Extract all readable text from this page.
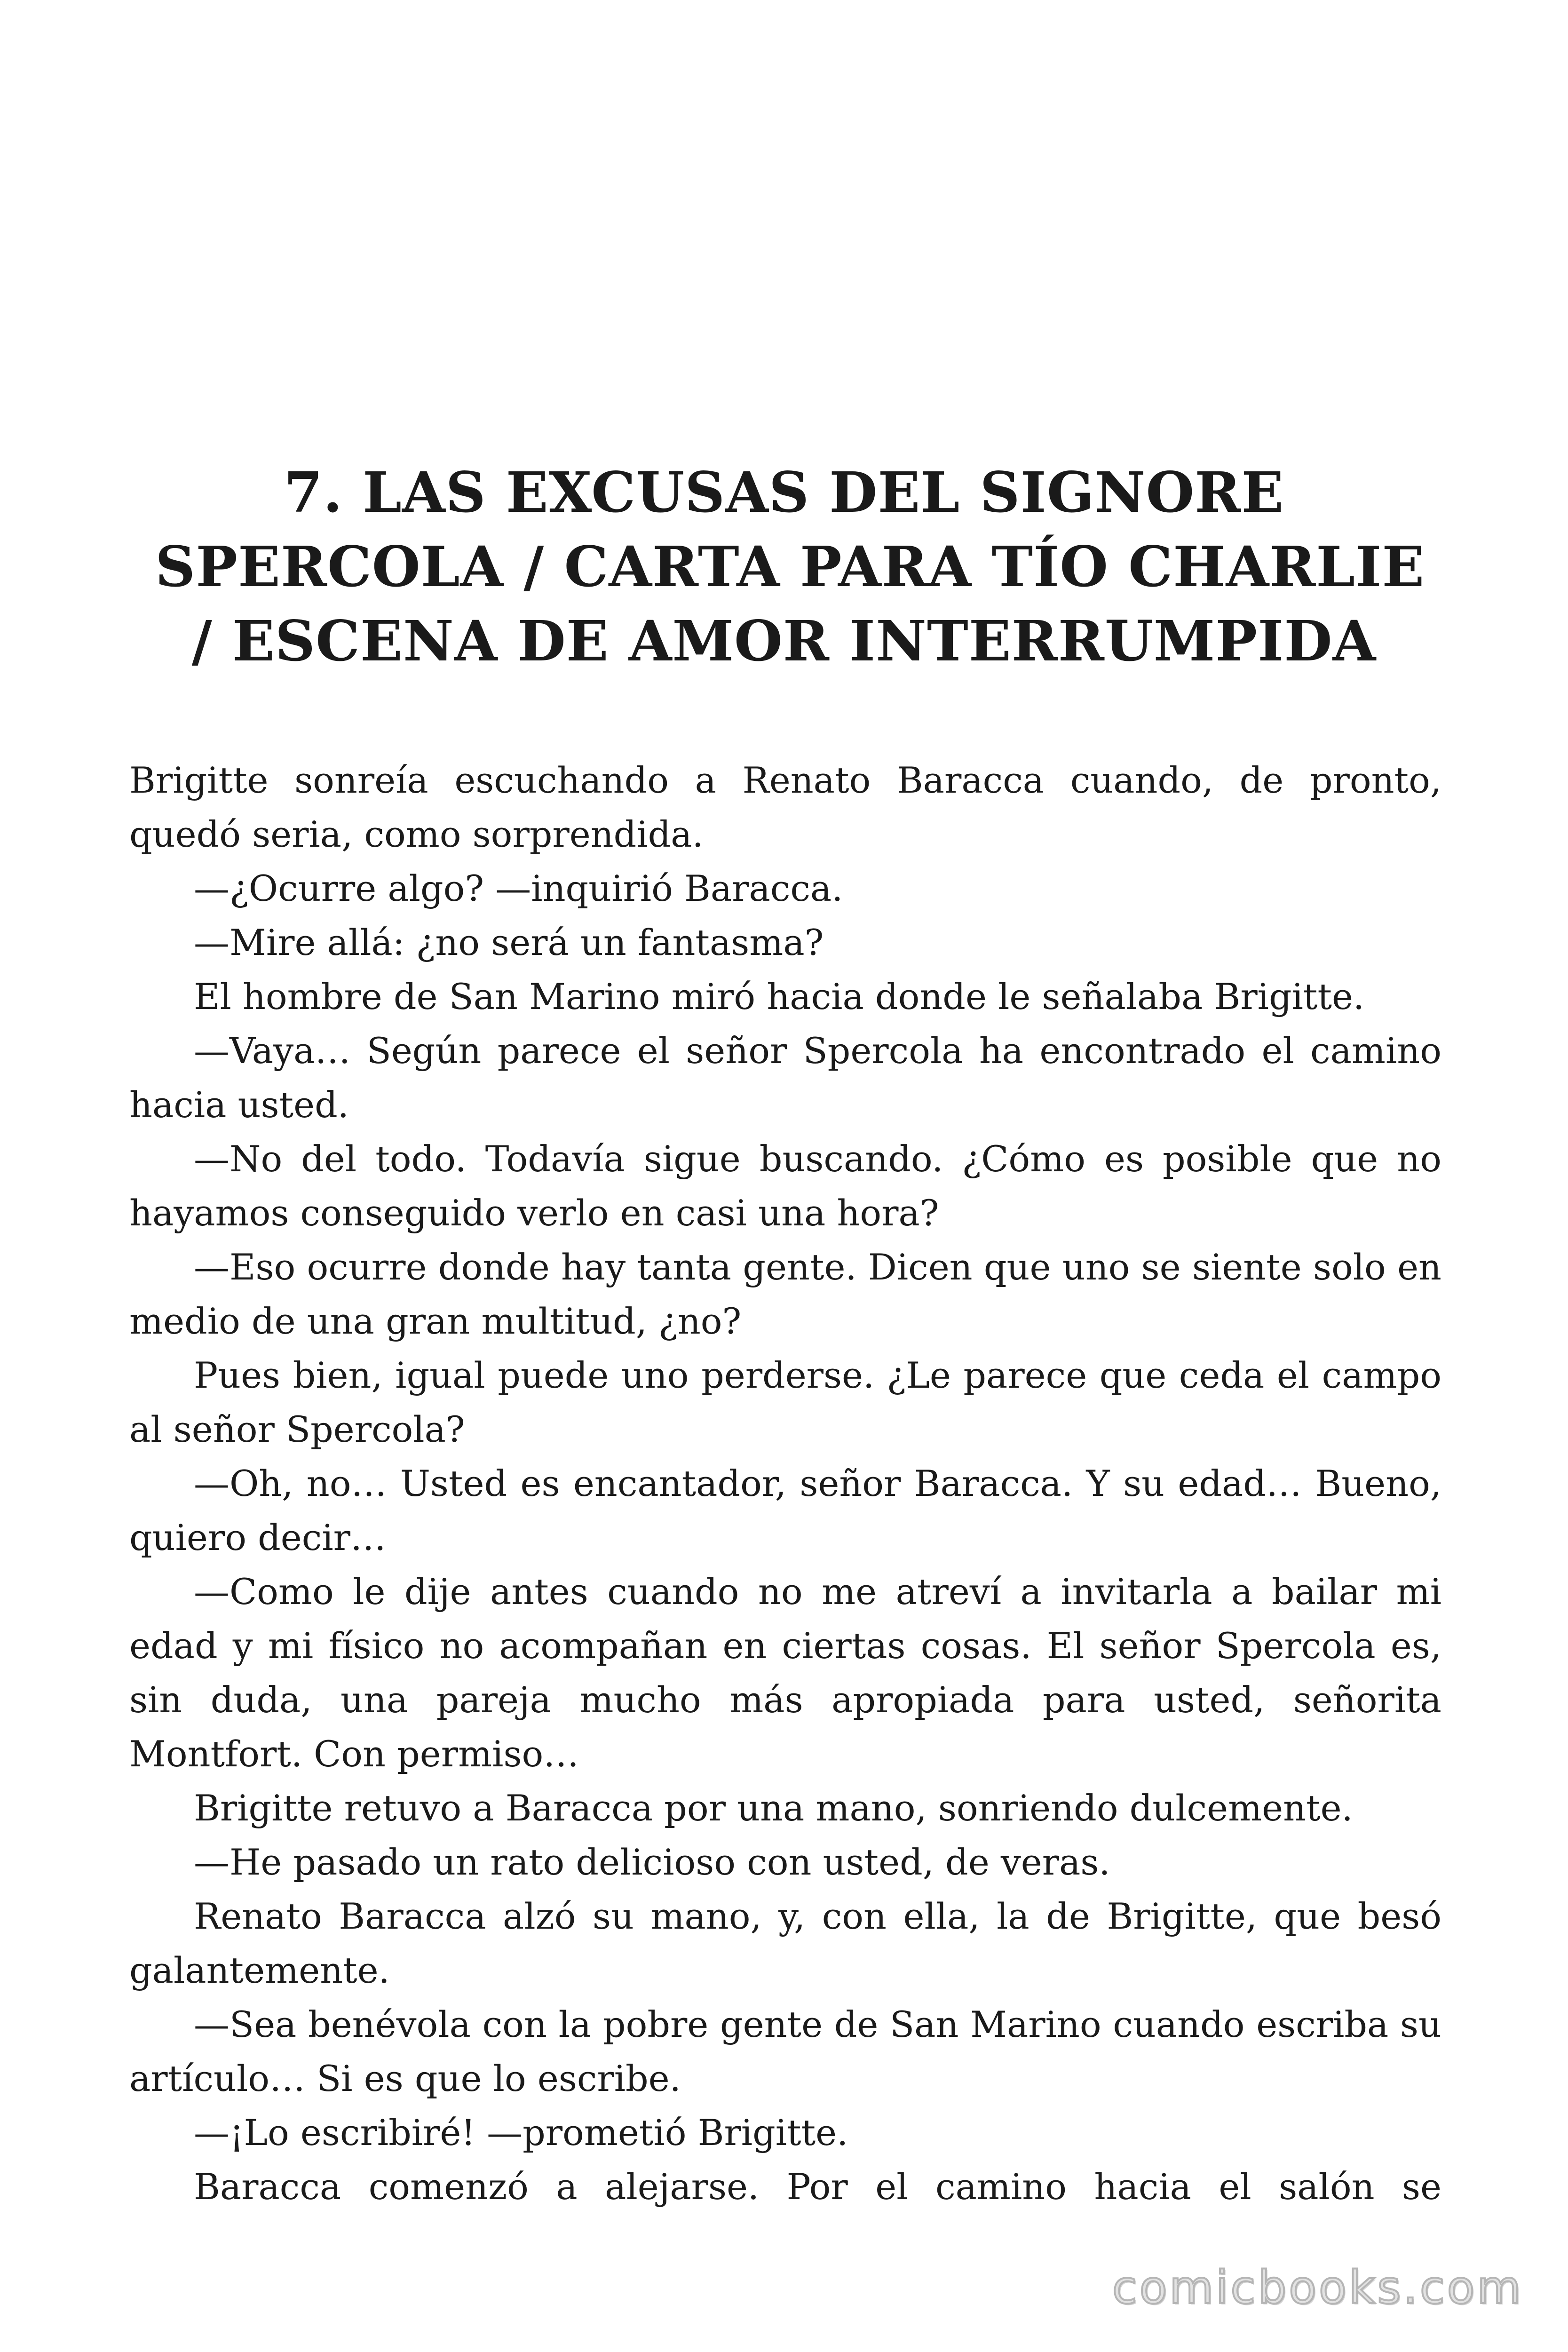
7. LAS EXCUSAS DEL SIGNORE
SPERCOLA / CARTA PARA TÍO CHARLIE
/ ESCENA DE AMOR INTERRUMPIDA

Brigitte sonreía escuchando a Renato Baracca cuando, de pronto, quedó seria, como sorprendida.

—¿Ocurre algo? —inquirió Baracca.

—Mire allá: ¿no será un fantasma?

El hombre de San Marino miró hacia donde le señalaba Brigitte.

—Vaya… Según parece el señor Spercola ha encontrado el camino hacia usted.

—No del todo. Todavía sigue buscando. ¿Cómo es posible que no hayamos conseguido verlo en casi una hora?

—Eso ocurre donde hay tanta gente. Dicen que uno se siente solo en medio de una gran multitud, ¿no?

Pues bien, igual puede uno perderse. ¿Le parece que ceda el campo al señor Spercola?

—Oh, no… Usted es encantador, señor Baracca. Y su edad… Bueno, quiero decir…

—Como le dije antes cuando no me atreví a invitarla a bailar mi edad y mi físico no acompañan en ciertas cosas. El señor Spercola es, sin duda, una pareja mucho más apropiada para usted, señorita Montfort. Con permiso…

Brigitte retuvo a Baracca por una mano, sonriendo dulcemente.

—He pasado un rato delicioso con usted, de veras.

Renato Baracca alzó su mano, y, con ella, la de Brigitte, que besó galantemente.

—Sea benévola con la pobre gente de San Marino cuando escriba su artículo… Si es que lo escribe.

—¡Lo escribiré! —prometió Brigitte.

Baracca comenzó a alejarse. Por el camino hacia el salón se

comicbooks.com
